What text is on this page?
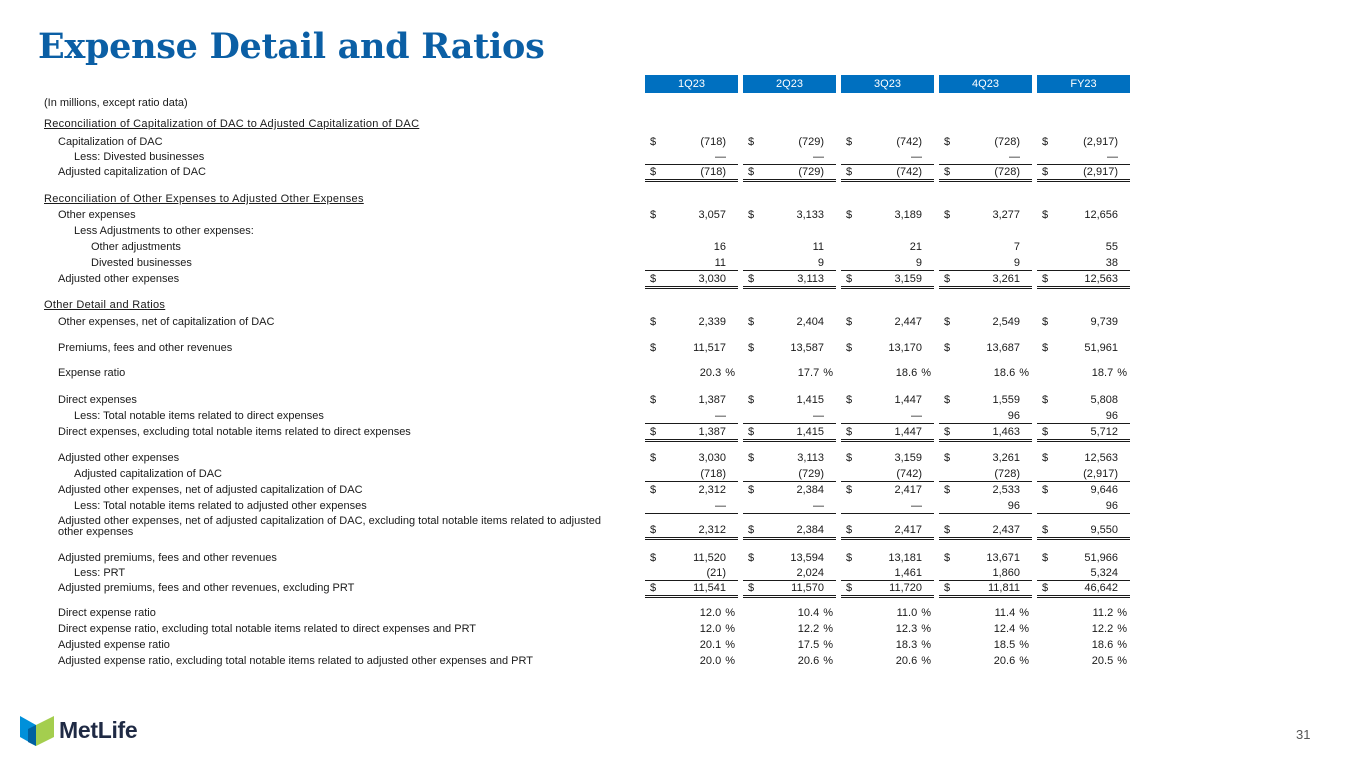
Expense Detail and Ratios
1Q23	2Q23	3Q23	4Q23	FY23
(In millions, except ratio data)
Reconciliation of Capitalization of DAC to Adjusted Capitalization of DAC
Capitalization of DAC	$	(718) $	(729) $	(742) $	(728) $	(2,917)
Less: Divested businesses	—	—	—	—	—
Adjusted capitalization of DAC	$	(718) $	(729) $	(742) $	(728) $	(2,917)
Reconciliation of Other Expenses to Adjusted Other Expenses
Other expenses	$	3,057 $	3,133 $	3,189 $	3,277 $	12,656
Less Adjustments to other expenses:
Other adjustments	16	11	21	7	55
Divested businesses	11	9	9	9	38
Adjusted other expenses	$	3,030 $	3,113 $	3,159 $	3,261 $	12,563
Other Detail and Ratios
Other expenses, net of capitalization of DAC	$	2,339 $	2,404 $	2,447 $	2,549 $	9,739
Premiums, fees and other revenues	$	11,517 $	13,587 $	13,170 $	13,687 $	51,961
Expense ratio	20.3 %	17.7 %	18.6 %	18.6 %	18.7 %
Direct expenses	$	1,387 $	1,415 $	1,447 $	1,559 $	5,808
Less: Total notable items related to direct expenses	—	—	—	96	96
Direct expenses, excluding total notable items related to direct expenses	$	1,387 $	1,415 $	1,447 $	1,463 $	5,712
Adjusted other expenses	$	3,030 $	3,113 $	3,159 $	3,261 $	12,563
Adjusted capitalization of DAC	(718)	(729)	(742)	(728)	(2,917)
Adjusted other expenses, net of adjusted capitalization of DAC	$	2,312 $	2,384 $	2,417 $	2,533 $	9,646
Less: Total notable items related to adjusted other expenses	—	—	—	96	96
Adjusted other expenses, net of adjusted capitalization of DAC, excluding total notable items related to adjusted other expenses	$	2,312 $	2,384 $	2,417 $	2,437 $	9,550
Adjusted premiums, fees and other revenues	$	11,520 $	13,594 $	13,181 $	13,671 $	51,966
Less: PRT	(21)	2,024	1,461	1,860	5,324
Adjusted premiums, fees and other revenues, excluding PRT	$	11,541 $	11,570 $	11,720 $	11,811 $	46,642
Direct expense ratio	12.0 %	10.4 %	11.0 %	11.4 %	11.2 %
Direct expense ratio, excluding total notable items related to direct expenses and PRT	12.0 %	12.2 %	12.3 %	12.4 %	12.2 %
Adjusted expense ratio	20.1 %	17.5 %	18.3 %	18.5 %	18.6 %
Adjusted expense ratio, excluding total notable items related to adjusted other expenses and PRT	20.0 %	20.6 %	20.6 %	20.6 %	20.5 %
MetLife	31
